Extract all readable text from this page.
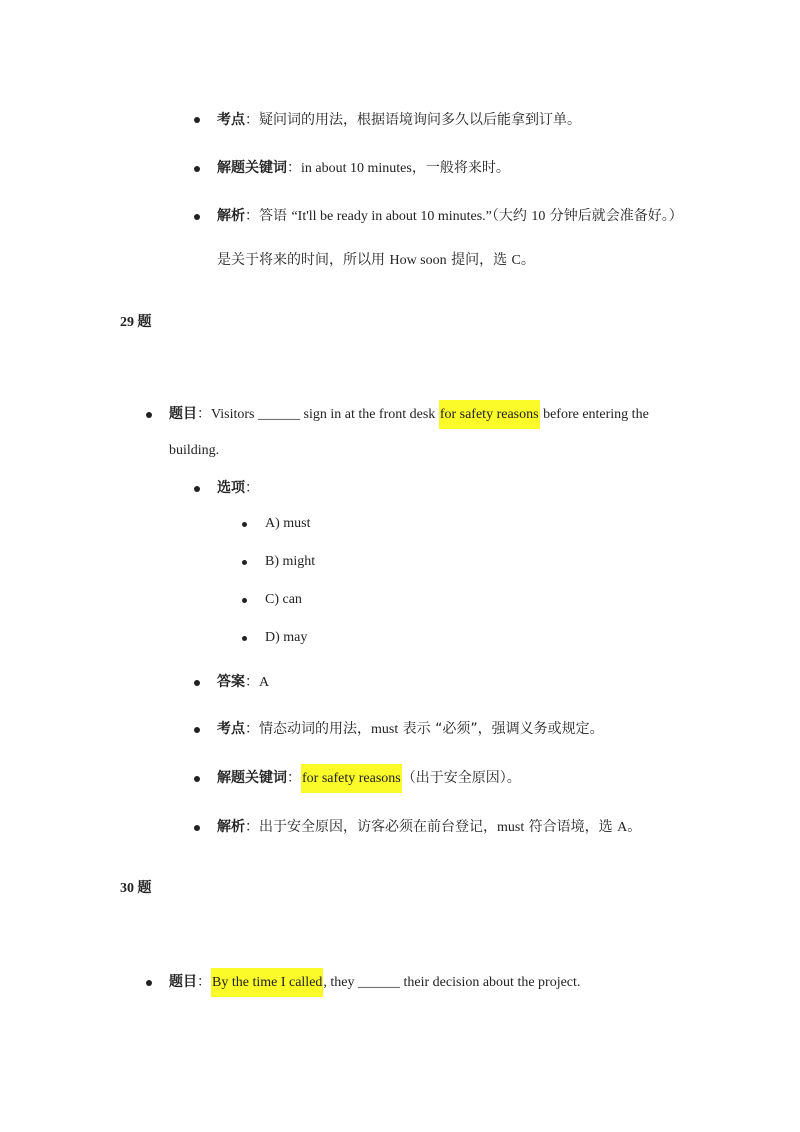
考点：疑问词的用法，根据语境询问多久以后能拿到订单。
解题关键词：in about 10 minutes，一般将来时。
解析：答语 “It'll be ready in about 10 minutes.”（大约 10 分钟后就会准备好。）
是关于将来的时间，所以用 How soon 提问，选 C。
29 题
题目：Visitors ______ sign in at the front desk for safety reasons before entering the
building.
选项：
A) must
B) might
C) can
D) may
答案：A
考点：情态动词的用法，must 表示 “必须”，强调义务或规定。
解题关键词：for safety reasons（出于安全原因）。
解析：出于安全原因，访客必须在前台登记，must 符合语境，选 A。
30 题
题目：By the time I called, they ______ their decision about the project.
